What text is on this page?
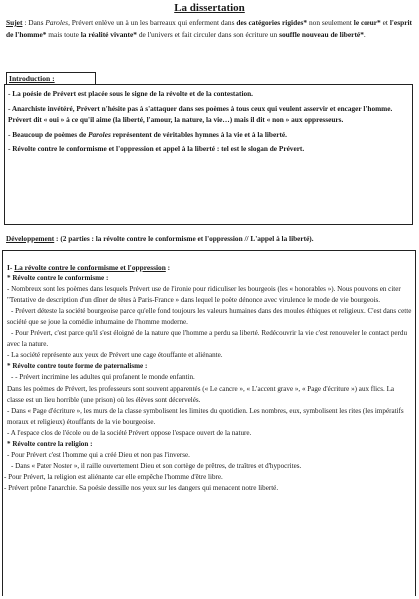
La dissertation
Sujet : Dans Paroles, Prévert enlève un à un les barreaux qui enferment dans des catégories rigides* non seulement le cœur* et l'esprit de l'homme* mais toute la réalité vivante* de l'univers et fait circuler dans son écriture un souffle nouveau de liberté*.
Introduction :

- La poésie de Prévert est placée sous le signe de la révolte et de la contestation.

- Anarchiste invétéré, Prévert n'hésite pas à s'attaquer dans ses poèmes à tous ceux qui veulent asservir et encager l'homme. Prévert dit « oui » à ce qu'il aime (la liberté, l'amour, la nature, la vie…) mais il dit « non » aux oppresseurs.

- Beaucoup de poèmes de Paroles représentent de véritables hymnes à la vie et à la liberté.

- Révolte contre le conformisme et l'oppression et appel à la liberté : tel est le slogan de Prévert.

Développement : (2 parties : la révolte contre le conformisme et l'oppression // L'appel à la liberté).

I- La révolte contre le conformisme et l'oppression :

* Révolte contre le conformisme :

- Nombreux sont les poèmes dans lesquels Prévert use de l'ironie pour ridiculiser les bourgeois (les « honorables »). Nous pouvons en citer "Tentative de description d'un dîner de têtes à Paris-France » dans lequel le poète dénonce avec virulence le mode de vie bourgeois.

- Prévert déteste la société bourgeoise parce qu'elle fond toujours les valeurs humaines dans des moules éthiques et religieux. C'est dans cette société que se joue la comédie inhumaine de l'homme moderne.

- Pour Prévert, c'est parce qu'il s'est éloigné de la nature que l'homme a perdu sa liberté. Redécouvrir la vie c'est renouveler le contact perdu avec la nature.

- La société représente aux yeux de Prévert une cage étouffante et aliénante.

* Révolte contre toute forme de paternalisme :

- - Prévert incrimine les adultes qui profanent le monde enfantin.

Dans les poèmes de Prévert, les professeurs sont souvent apparentés (« Le cancre », « L'accent grave », « Page d'écriture ») aux flics. La classe est un lieu horrible (une prison) où les élèves sont décervelés.

- Dans « Page d'écriture », les murs de la classe symbolisent les limites du quotidien. Les nombres, eux, symbolisent les rites (les impératifs moraux et religieux) étouffants de la vie bourgeoise.

- A l'espace clos de l'école ou de la société Prévert oppose l'espace ouvert de la nature.

* Révolte contre la religion :

- Pour Prévert c'est l'homme qui a créé Dieu et non pas l'inverse.

- Dans « Pater Noster », il raille ouvertement Dieu et son cortège de prêtres, de traîtres et d'hypocrites.

- Pour Prévert, la religion est aliénante car elle empêche l'homme d'être libre.

- Prévert prône l'anarchie. Sa poésie dessille nos yeux sur les dangers qui menacent notre liberté.
